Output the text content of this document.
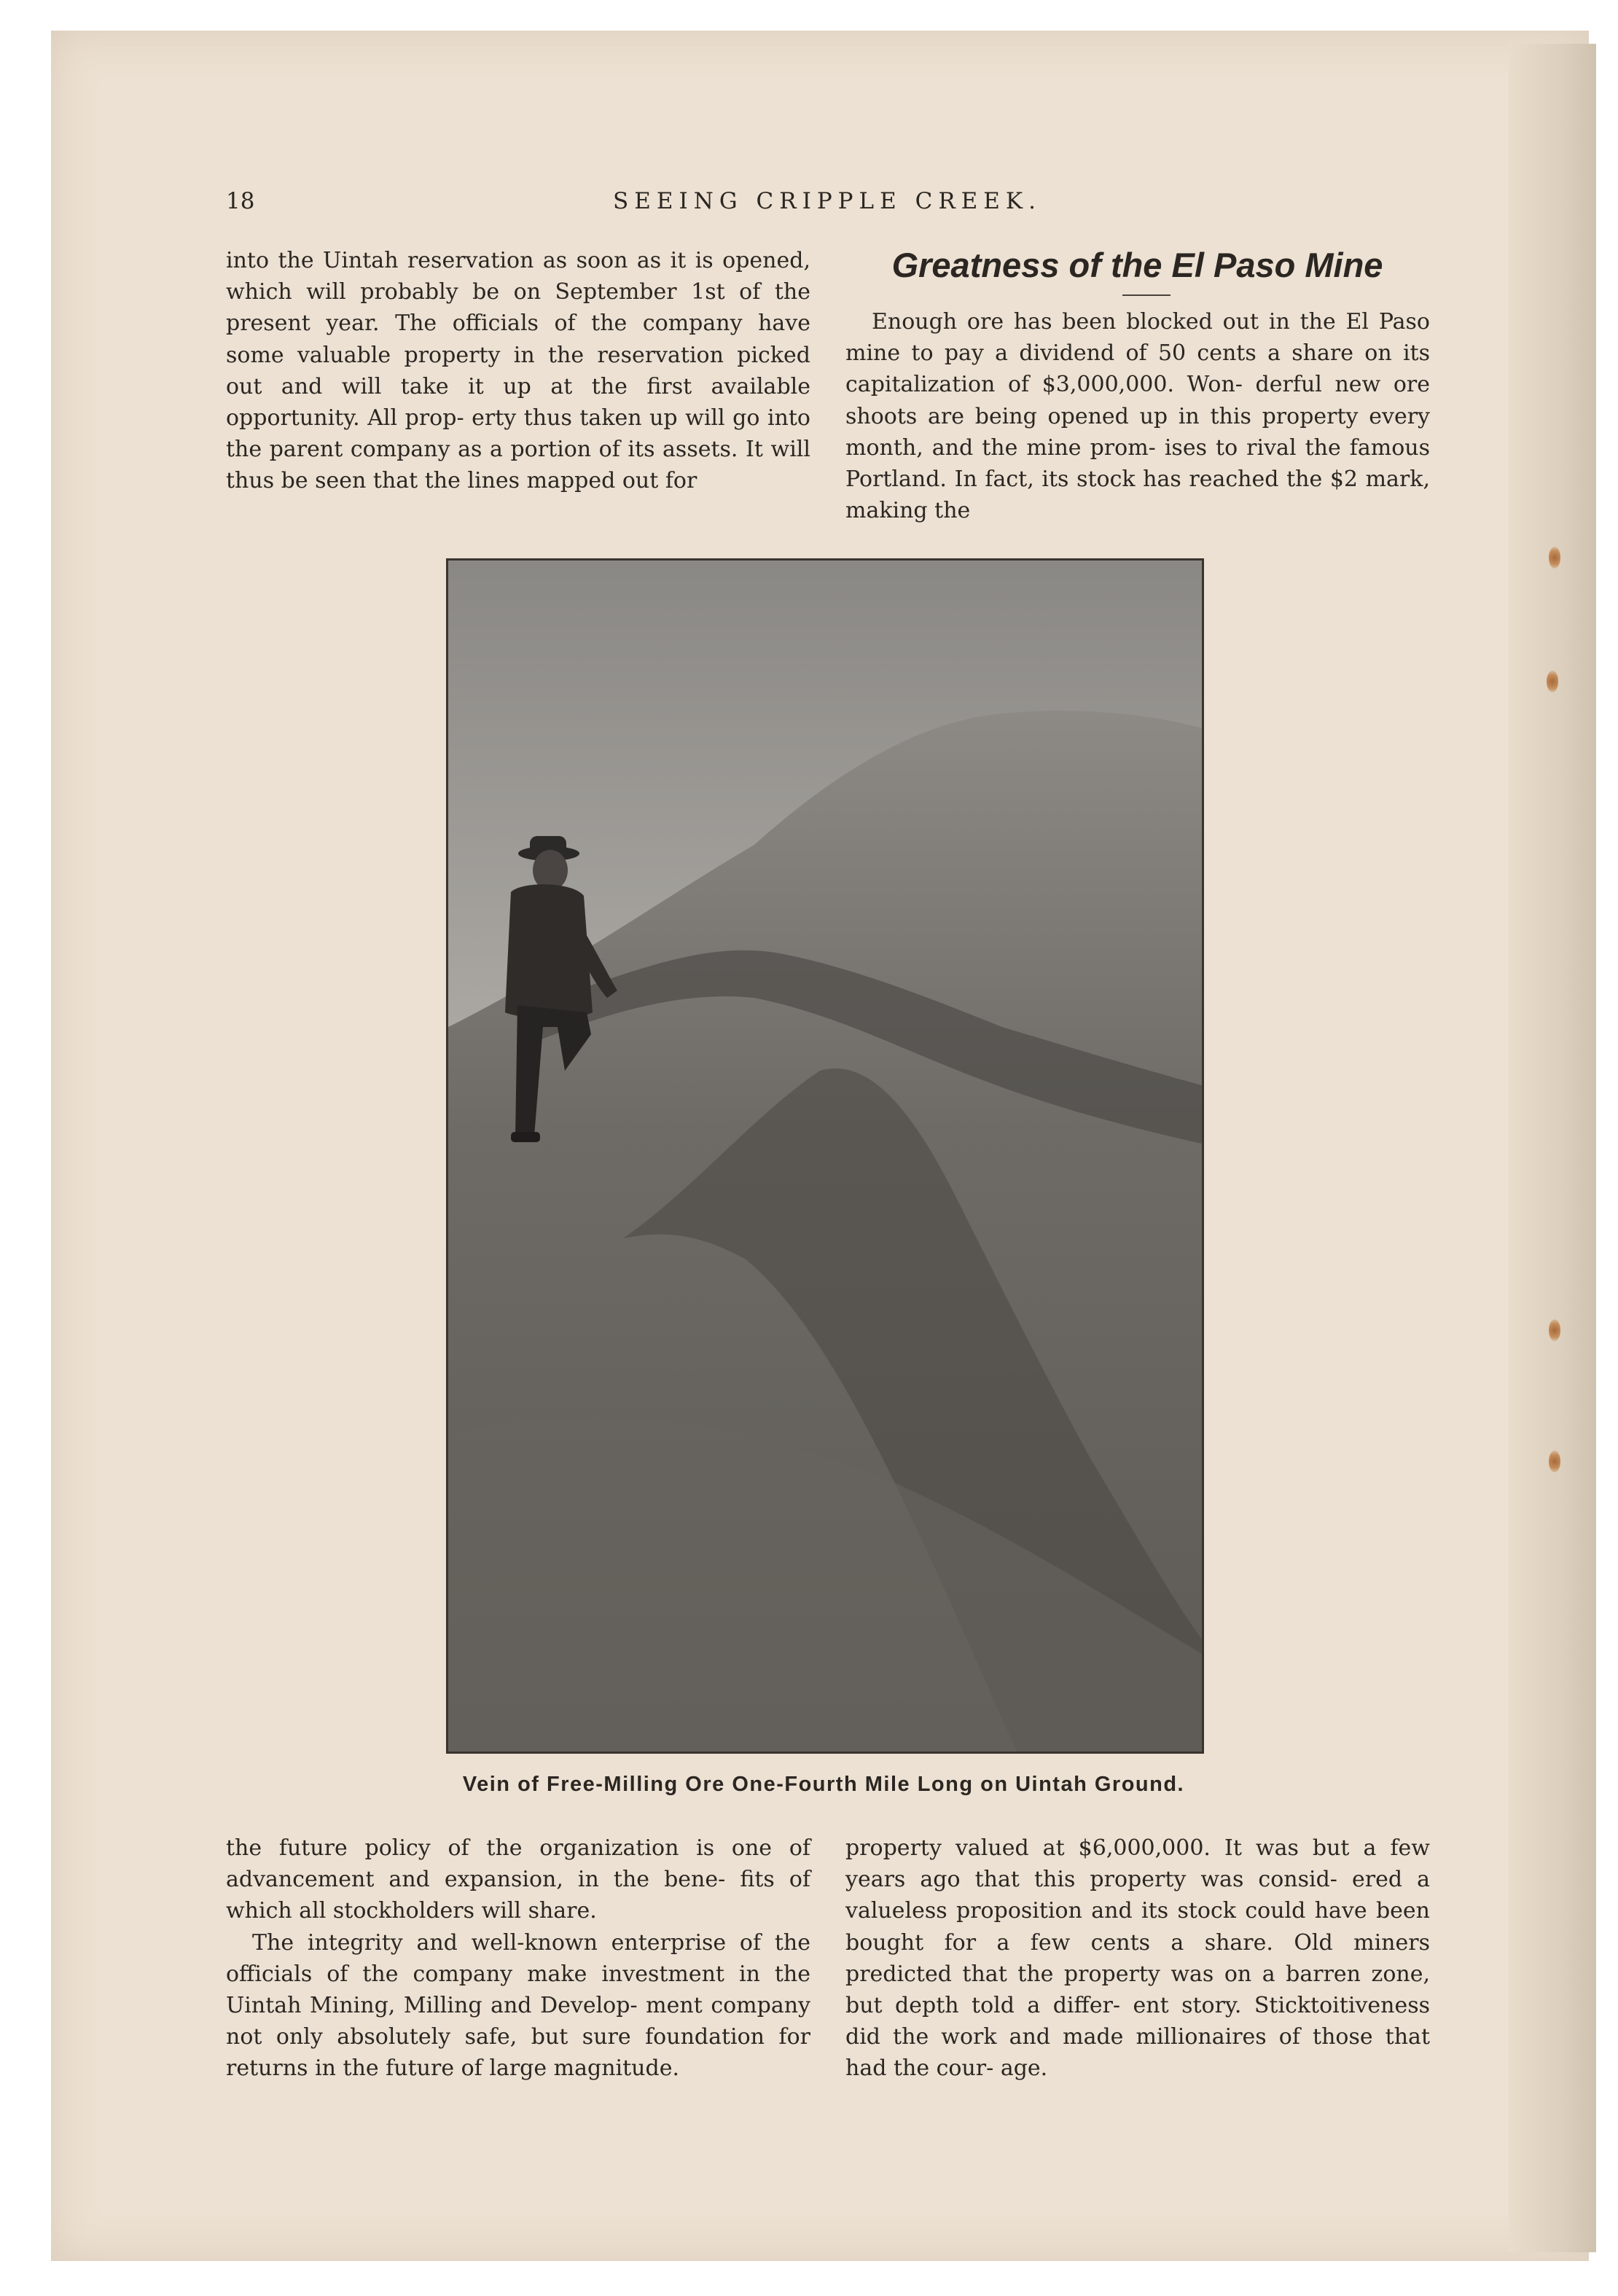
18	SEEING CRIPPLE CREEK.

into the Uintah reservation as soon as it is opened, which will probably be on September 1st of the present year. The officials of the company have some valuable property in the reservation picked out and will take it up at the first available opportunity. All prop- erty thus taken up will go into the parent company as a portion of its assets. It will thus be seen that the lines mapped out for

Greatness of the El Paso Mine

Enough ore has been blocked out in the El Paso mine to pay a dividend of 50 cents a share on its capitalization of $3,000,000. Won- derful new ore shoots are being opened up in this property every month, and the mine prom- ises to rival the famous Portland. In fact, its stock has reached the $2 mark, making the

Vein of Free-Milling Ore One-Fourth Mile Long on Uintah Ground.

the future policy of the organization is one of advancement and expansion, in the bene- fits of which all stockholders will share.

The integrity and well-known enterprise of the officials of the company make investment in the Uintah Mining, Milling and Develop- ment company not only absolutely safe, but sure foundation for returns in the future of large magnitude.

property valued at $6,000,000. It was but a few years ago that this property was consid- ered a valueless proposition and its stock could have been bought for a few cents a share. Old miners predicted that the property was on a barren zone, but depth told a differ- ent story. Sticktoitiveness did the work and made millionaires of those that had the cour- age.
